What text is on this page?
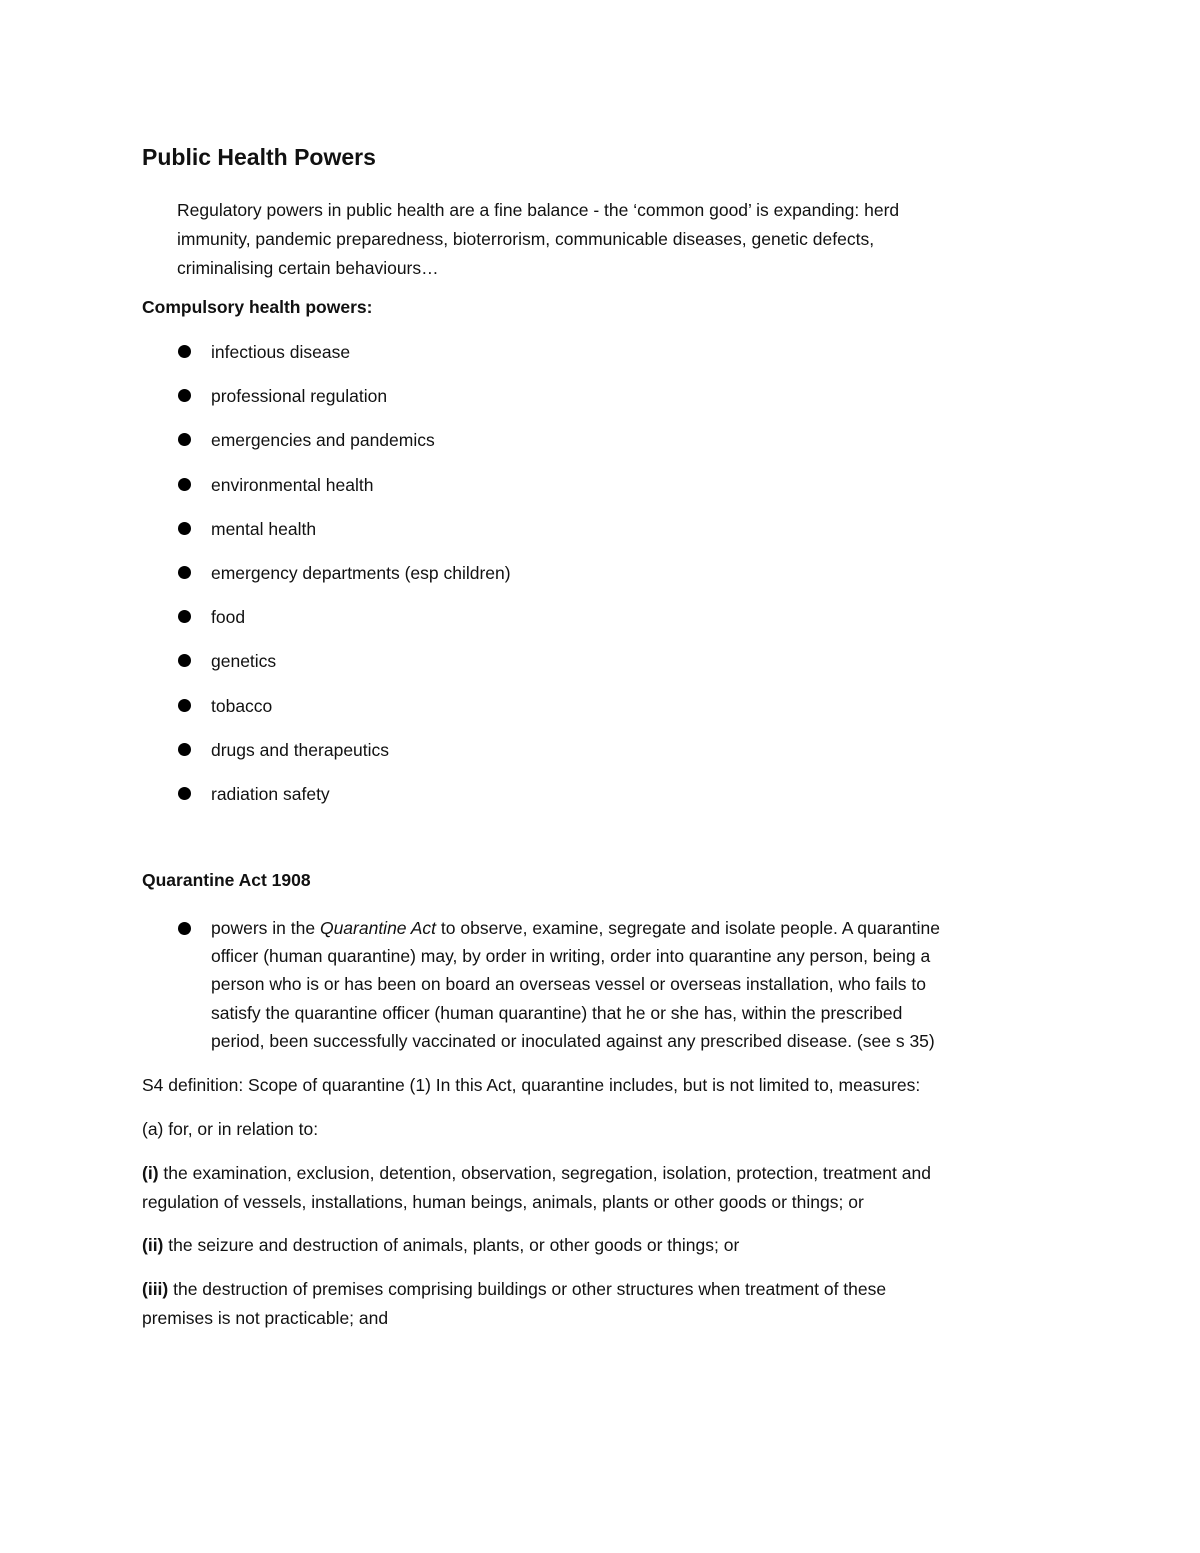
Public Health Powers
Regulatory powers in public health are a fine balance - the ‘common good’ is expanding: herd
immunity, pandemic preparedness, bioterrorism, communicable diseases, genetic defects,
criminalising certain behaviours…
Compulsory health powers:
infectious disease
professional regulation
emergencies and pandemics
environmental health
mental health
emergency departments (esp children)
food
genetics
tobacco
drugs and therapeutics
radiation safety
Quarantine Act 1908
powers in the Quarantine Act to observe, examine, segregate and isolate people. A quarantine
officer (human quarantine) may, by order in writing, order into quarantine any person, being a
person who is or has been on board an overseas vessel or overseas installation, who fails to
satisfy the quarantine officer (human quarantine) that he or she has, within the prescribed
period, been successfully vaccinated or inoculated against any prescribed disease. (see s 35)
S4 definition: Scope of quarantine (1) In this Act, quarantine includes, but is not limited to, measures:
(a) for, or in relation to:
(i) the examination, exclusion, detention, observation, segregation, isolation, protection, treatment and
regulation of vessels, installations, human beings, animals, plants or other goods or things; or
(ii) the seizure and destruction of animals, plants, or other goods or things; or
(iii) the destruction of premises comprising buildings or other structures when treatment of these
premises is not practicable; and
